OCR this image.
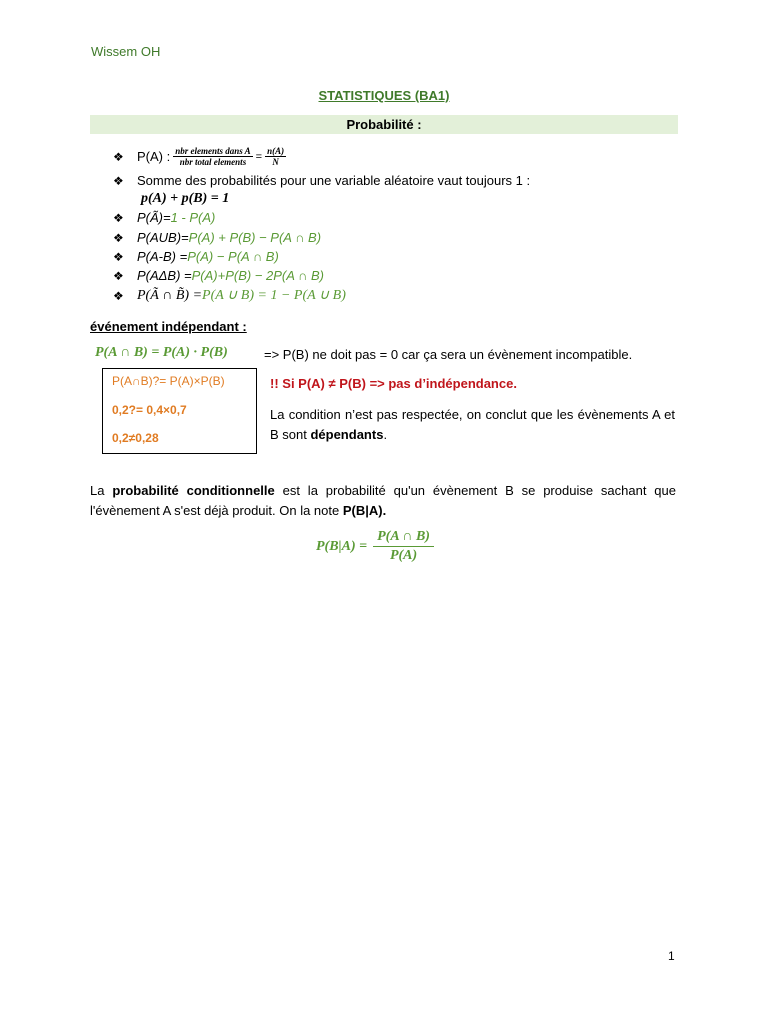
Wissem OH
STATISTIQUES (BA1)
Probabilité :
❖	P(A) : $\frac{\text{nbr elements dans A}}{\text{nbr total elements}} = \frac{n(A)}{N}$
❖	Somme des probabilités pour une variable aléatoire vaut toujours 1 :
p(A) + p(B) = 1
❖	P(Ã)= 1 - P(A)
❖	P(AUB)= P(A) + P(B) − P(A ∩ B)
❖	P(A-B) = P(A) − P(A ∩ B)
❖	P(AΔB) = P(A)+P(B) − 2P(A ∩ B)
❖ P(Ã ∩ B̃) = P(A ∪ B) = 1 − P(A ∪ B)
événement indépendant :
P(A ∩ B) = P(A) · P(B)	=> P(B) ne doit pas = 0 car ça sera un évènement incompatible.
P(A∩B)?= P(A)×P(B)
0,2?= 0,4×0,7
0,2≠0,28
!! Si P(A) ≠ P(B) => pas d’indépendance.
La condition n’est pas respectée, on conclut que les évènements A et B sont dépendants.
La probabilité conditionnelle est la probabilité qu'un évènement B se produise sachant que l'évènement A s'est déjà produit. On la note P(B|A).
$P(B|A) = \frac{P(A \cap B)}{P(A)}$
1
